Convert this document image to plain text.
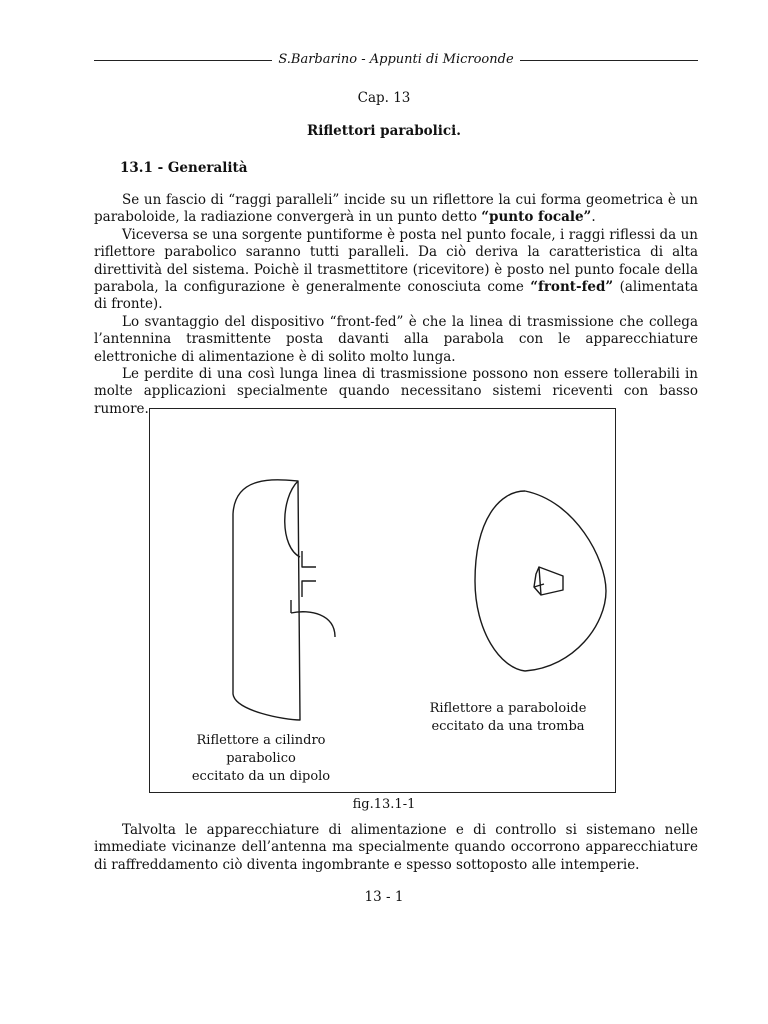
S.Barbarino - Appunti di Microonde
Cap. 13
Riflettori parabolici.
13.1 - Generalità

Se un fascio di “raggi paralleli” incide su un riflettore la cui forma geometrica è un paraboloide, la radiazione convergerà in un punto detto “punto focale”.

Viceversa se una sorgente puntiforme è posta nel punto focale, i raggi riflessi da un riflettore parabolico saranno tutti paralleli. Da ciò deriva la caratteristica di alta direttività del sistema. Poichè il trasmettitore (ricevitore) è posto nel punto focale della parabola, la configurazione è generalmente conosciuta come “front-fed” (alimentata di fronte).

Lo svantaggio del dispositivo “front-fed” è che la linea di trasmissione che collega l’antennina trasmittente posta davanti alla parabola con le apparecchiature elettroniche di alimentazione è di solito molto lunga.

Le perdite di una così lunga linea di trasmissione possono non essere tollerabili in molte applicazioni specialmente quando necessitano sistemi riceventi con basso rumore.

Riflettore a cilindro parabolico
eccitato da un dipolo
Riflettore a paraboloide
eccitato da una tromba
fig.13.1-1

Talvolta le apparecchiature di alimentazione e di controllo si sistemano nelle immediate vicinanze dell’antenna ma specialmente quando occorrono apparecchiature di raffreddamento ciò diventa ingombrante e spesso sottoposto alle intemperie.

13 - 1
